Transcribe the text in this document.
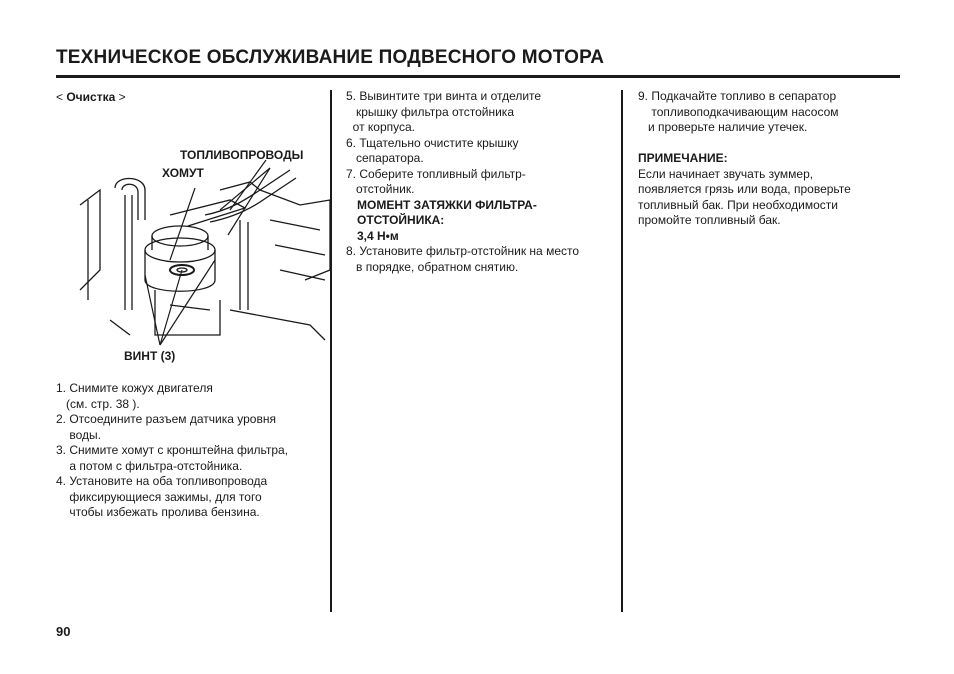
ТЕХНИЧЕСКОЕ ОБСЛУЖИВАНИЕ ПОДВЕСНОГО МОТОРА
< Очистка >
ТОПЛИВОПРОВОДЫ
ХОМУТ
ВИНТ (3)
1. Снимите кожух двигателя
(см. стр. 38 ).
2. Отсоедините разъем датчика уровня
воды.
3. Снимите хомут с кронштейна фильтра,
а потом с фильтра-отстойника.
4. Установите на оба топливопровода
фиксирующиеся зажимы, для того
чтобы избежать пролива бензина.
5. Вывинтите три винта и отделите
крышку фильтра отстойника
от корпуса.
6. Тщательно очистите крышку
сепаратора.
7. Соберите топливный фильтр-
отстойник.
МОМЕНТ ЗАТЯЖКИ ФИЛЬТРА-
ОТСТОЙНИКА:
3,4 Н•м
8. Установите фильтр-отстойник на место
в порядке, обратном снятию.
9. Подкачайте топливо в сепаратор
топливоподкачивающим насосом
и проверьте наличие утечек.
ПРИМЕЧАНИЕ:
Если начинает звучать зуммер,
появляется грязь или вода, проверьте
топливный бак. При необходимости
промойте топливный бак.
90
